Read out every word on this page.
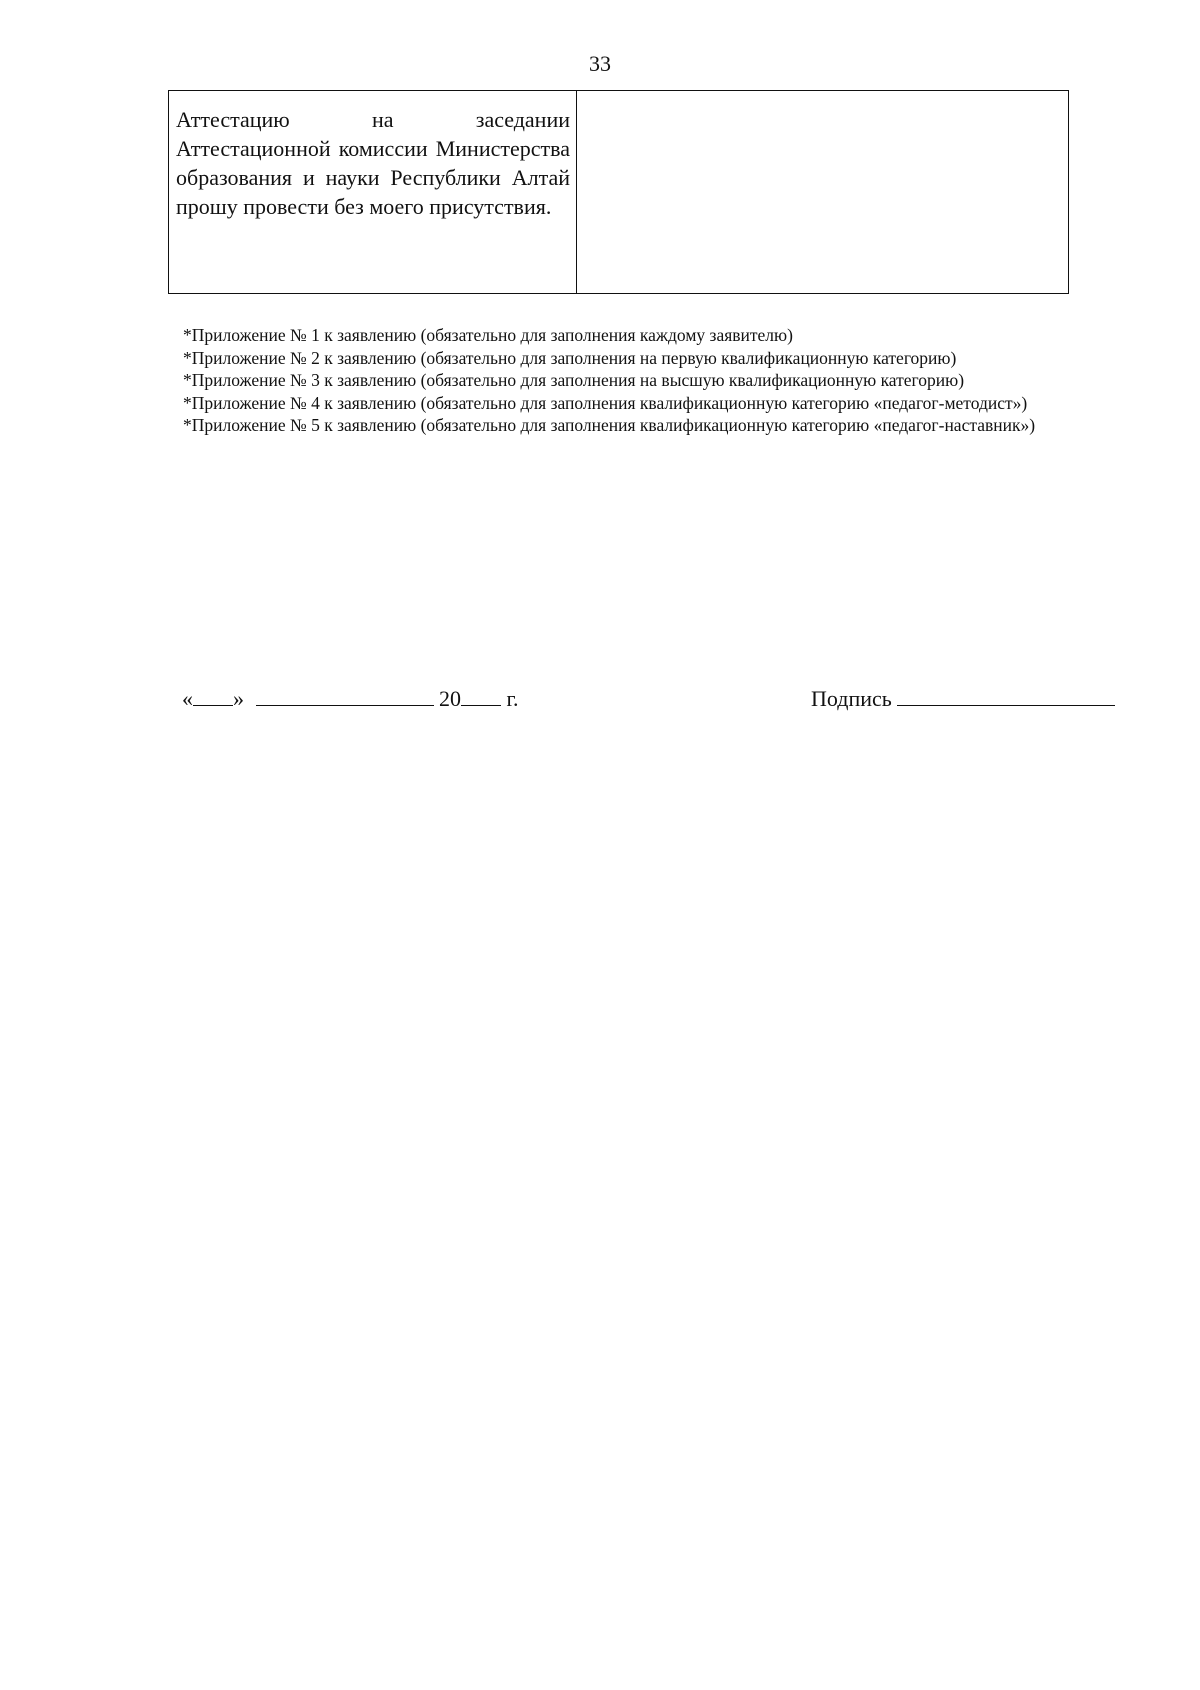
33
Аттестацию на заседании Аттестационной комиссии Министерства образования и науки Республики Алтай прошу провести без моего присутствия.

*Приложение № 1 к заявлению (обязательно для заполнения каждому заявителю)

*Приложение № 2 к заявлению (обязательно для заполнения на первую квалификационную категорию)

*Приложение № 3 к заявлению (обязательно для заполнения на высшую квалификационную категорию)

*Приложение № 4 к заявлению (обязательно для заполнения квалификационную категорию «педагог-методист»)

*Приложение № 5 к заявлению (обязательно для заполнения квалификационную категорию «педагог-наставник»)

« »	20 г.	Подпись
